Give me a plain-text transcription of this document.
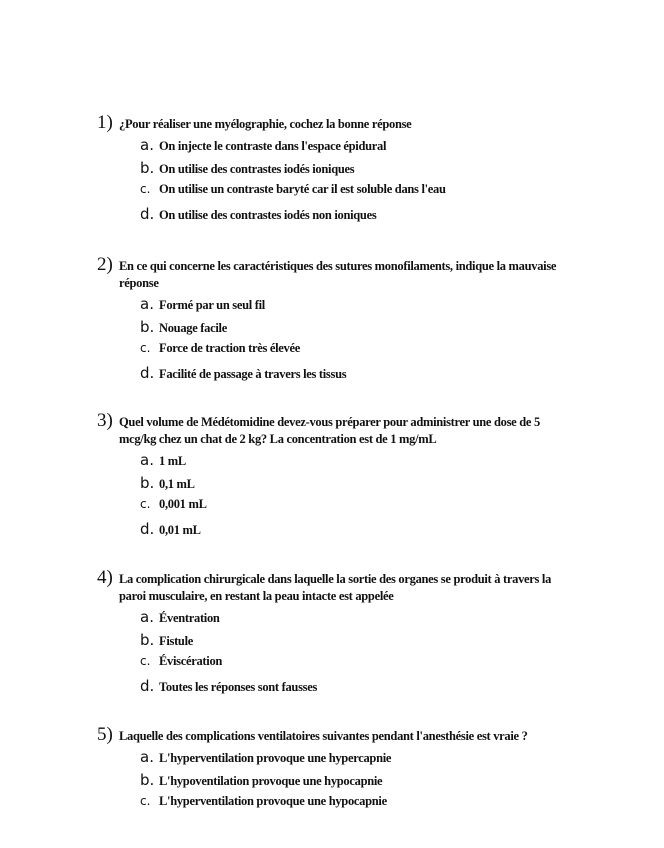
1) ¿Pour réaliser une myélographie, cochez la bonne réponse
a. On injecte le contraste dans l'espace épidural
b. On utilise des contrastes iodés ioniques
c. On utilise un contraste baryté car il est soluble dans l'eau
d. On utilise des contrastes iodés non ioniques
2) En ce qui concerne les caractéristiques des sutures monofilaments, indique la mauvaise réponse
a. Formé par un seul fil
b. Nouage facile
c. Force de traction très élevée
d. Facilité de passage à travers les tissus
3) Quel volume de Médétomidine devez-vous préparer pour administrer une dose de 5 mcg/kg chez un chat de 2 kg? La concentration est de 1 mg/mL
a. 1 mL
b. 0,1 mL
c. 0,001 mL
d. 0,01 mL
4) La complication chirurgicale dans laquelle la sortie des organes se produit à travers la paroi musculaire, en restant la peau intacte est appelée
a. Éventration
b. Fistule
c. Éviscération
d. Toutes les réponses sont fausses
5) Laquelle des complications ventilatoires suivantes pendant l'anesthésie est vraie ?
a. L'hyperventilation provoque une hypercapnie
b. L'hypoventilation provoque une hypocapnie
c. L'hyperventilation provoque une hypocapnie
